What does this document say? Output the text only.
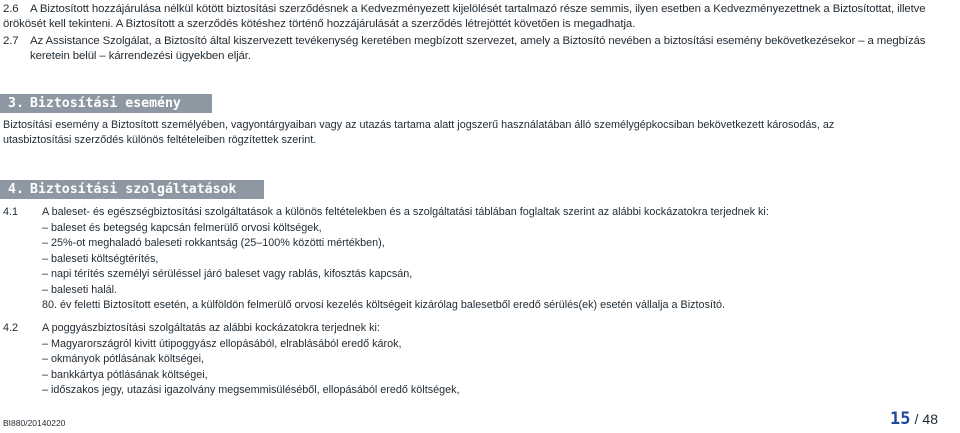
2.6	A Biztosított hozzájárulása nélkül kötött biztosítási szerződésnek a Kedvezményezett kijelölését tartalmazó része semmis, ilyen esetben a Kedvezményezettnek a Biztosítottat, illetve
örökösét kell tekinteni. A Biztosított a szerződés kötéshez történő hozzájárulását a szerződés létrejöttét követően is megadhatja.
2.7	Az Assistance Szolgálat, a Biztosító által kiszervezett tevékenység keretében megbízott szervezet, amely a Biztosító nevében a biztosítási esemény bekövetkezésekor – a megbízás
keretein belül – kárrendezési ügyekben eljár.
3. Biztosítási esemény
Biztosítási esemény a Biztosított személyében, vagyontárgyaiban vagy az utazás tartama alatt jogszerű használatában álló személygépkocsiban bekövetkezett károsodás, az
utasbiztosítási szerződés különös feltételeiben rögzítettek szerint.
4. Biztosítási szolgáltatások
4.1	A baleset- és egészségbiztosítási szolgáltatások a különös feltételekben és a szolgáltatási táblában foglaltak szerint az alábbi kockázatokra terjednek ki:
– baleset és betegség kapcsán felmerülő orvosi költségek,
– 25%-ot meghaladó baleseti rokkantság (25–100% közötti mértékben),
– baleseti költségtérítés,
– napi térítés személyi sérüléssel járó baleset vagy rablás, kifosztás kapcsán,
– baleseti halál.
80. év feletti Biztosított esetén, a külföldön felmerülő orvosi kezelés költségeit kizárólag balesetből eredő sérülés(ek) esetén vállalja a Biztosító.
4.2	A poggyászbiztosítási szolgáltatás az alábbi kockázatokra terjednek ki:
– Magyarországról kivitt útipoggyász ellopásából, elrablásából eredő károk,
– okmányok pótlásának költségei,
– bankkártya pótlásának költségei,
– időszakos jegy, utazási igazolvány megsemmisüléséből, ellopásából eredő költségek,
BI880/20140220	15 / 48
